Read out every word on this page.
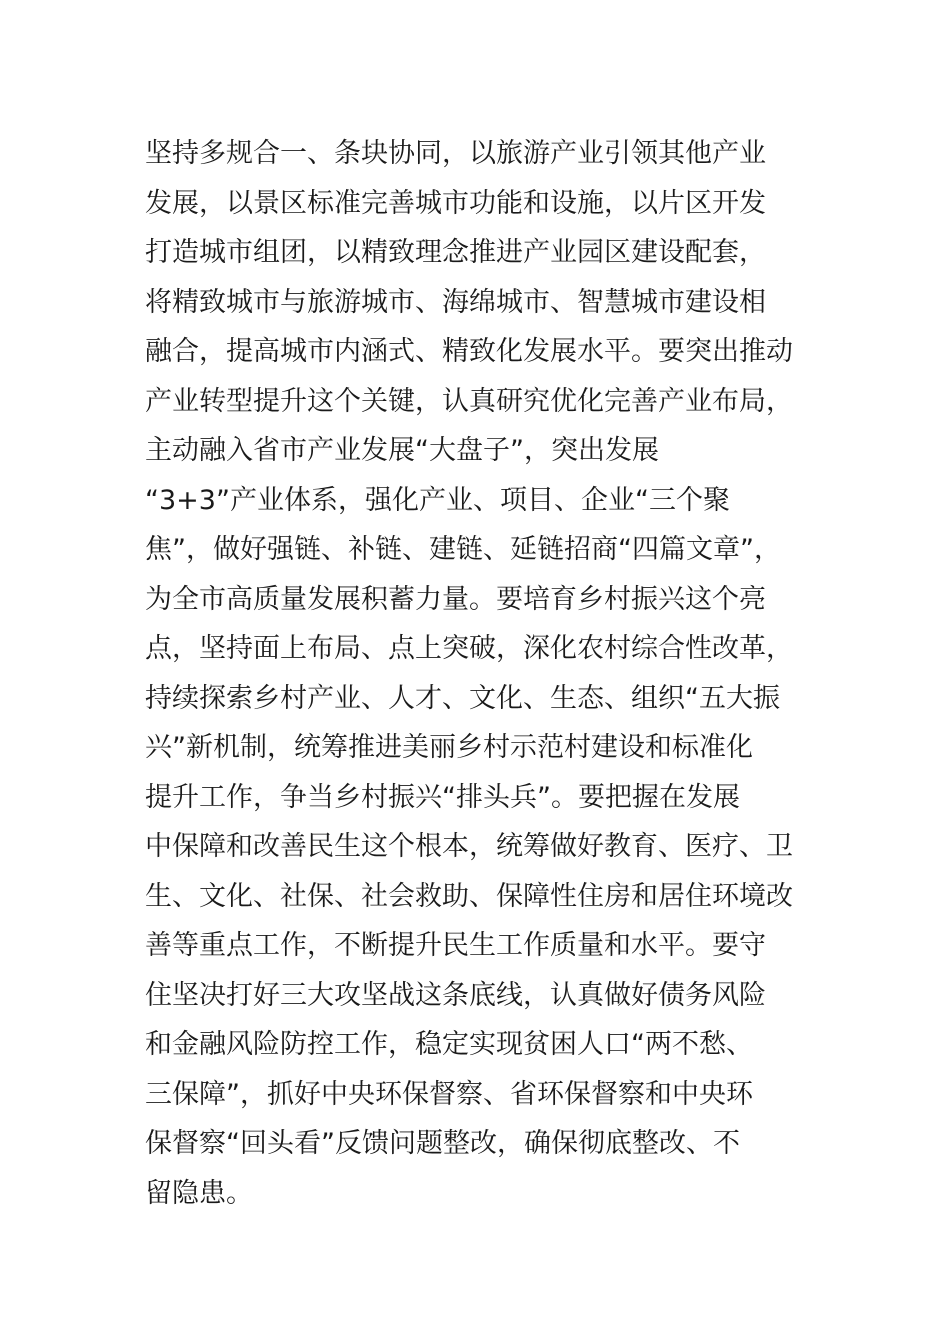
坚持多规合一、条块协同，以旅游产业引领其他产业
发展，以景区标准完善城市功能和设施，以片区开发
打造城市组团，以精致理念推进产业园区建设配套，
将精致城市与旅游城市、海绵城市、智慧城市建设相
融合，提高城市内涵式、精致化发展水平。要突出推动
产业转型提升这个关键，认真研究优化完善产业布局，
主动融入省市产业发展“大盘子”，突出发展
“3+3”产业体系，强化产业、项目、企业“三个聚
焦”，做好强链、补链、建链、延链招商“四篇文章”，
为全市高质量发展积蓄力量。要培育乡村振兴这个亮
点，坚持面上布局、点上突破，深化农村综合性改革，
持续探索乡村产业、人才、文化、生态、组织“五大振
兴”新机制，统筹推进美丽乡村示范村建设和标准化
提升工作，争当乡村振兴“排头兵”。要把握在发展
中保障和改善民生这个根本，统筹做好教育、医疗、卫
生、文化、社保、社会救助、保障性住房和居住环境改
善等重点工作，不断提升民生工作质量和水平。要守
住坚决打好三大攻坚战这条底线，认真做好债务风险
和金融风险防控工作，稳定实现贫困人口“两不愁、
三保障”，抓好中央环保督察、省环保督察和中央环
保督察“回头看”反馈问题整改，确保彻底整改、不
留隐患。
